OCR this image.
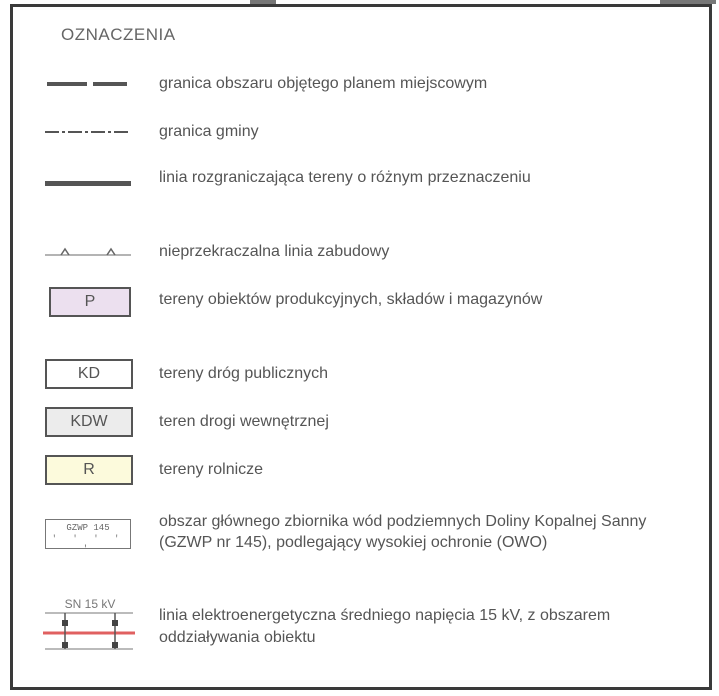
OZNACZENIA
granica obszaru objętego planem miejscowym
granica gminy
linia rozgraniczająca tereny o różnym przeznaczeniu
nieprzekraczalna linia zabudowy
P	tereny obiektów produkcyjnych, składów i magazynów
KD	tereny dróg publicznych
KDW	teren drogi wewnętrznej
R	tereny rolnicze
GZWP 145
' ' ' ' '
obszar głównego zbiornika wód podziemnych Doliny Kopalnej Sanny (GZWP nr 145), podlegający wysokiej ochronie (OWO)
SN 15 kV
linia elektroenergetyczna średniego napięcia 15 kV, z obszarem oddziaływania obiektu
